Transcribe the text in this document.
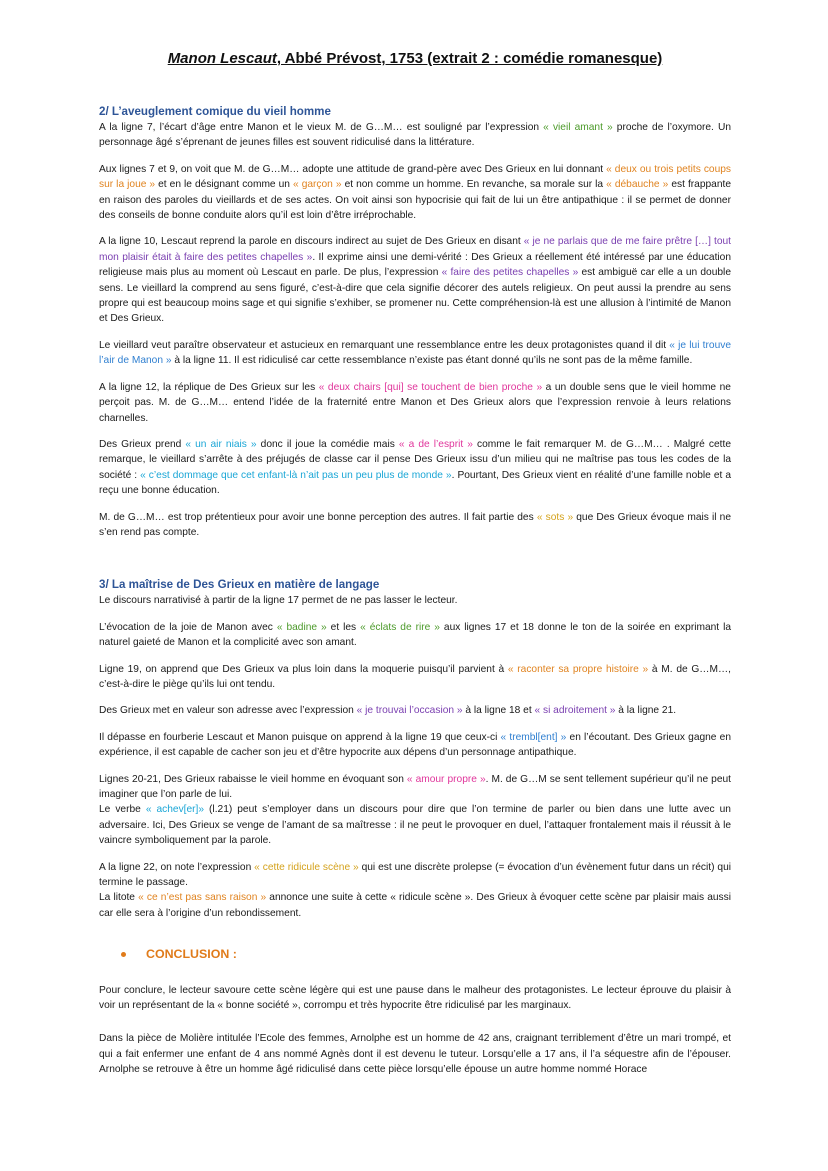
Manon Lescaut, Abbé Prévost, 1753 (extrait 2 : comédie romanesque)
2/ L’aveuglement comique du vieil homme

A la ligne 7, l’écart d’âge entre Manon et le vieux M. de G…M… est souligné par l’expression « vieil amant » proche de l’oxymore. Un personnage âgé s’éprenant de jeunes filles est souvent ridiculisé dans la littérature.

Aux lignes 7 et 9, on voit que M. de G…M… adopte une attitude de grand-père avec Des Grieux en lui donnant « deux ou trois petits coups sur la joue » et en le désignant comme un « garçon » et non comme un homme. En revanche, sa morale sur la « débauche » est frappante en raison des paroles du vieillards et de ses actes. On voit ainsi son hypocrisie qui fait de lui un être antipathique : il se permet de donner des conseils de bonne conduite alors qu’il est loin d’être irréprochable.

A la ligne 10, Lescaut reprend la parole en discours indirect au sujet de Des Grieux en disant « je ne parlais que de me faire prêtre […] tout mon plaisir était à faire des petites chapelles ». Il exprime ainsi une demi-vérité : Des Grieux a réellement été intéressé par une éducation religieuse mais plus au moment où Lescaut en parle. De plus, l’expression « faire des petites chapelles » est ambiguë car elle a un double sens. Le vieillard la comprend au sens figuré, c’est-à-dire que cela signifie décorer des autels religieux. On peut aussi la prendre au sens propre qui est beaucoup moins sage et qui signifie s’exhiber, se promener nu. Cette compréhension-là est une allusion à l’intimité de Manon et Des Grieux.

Le vieillard veut paraître observateur et astucieux en remarquant une ressemblance entre les deux protagonistes quand il dit « je lui trouve l’air de Manon » à la ligne 11. Il est ridiculisé car cette ressemblance n’existe pas étant donné qu’ils ne sont pas de la même famille.

A la ligne 12, la réplique de Des Grieux sur les « deux chairs [qui] se touchent de bien proche » a un double sens que le vieil homme ne perçoit pas. M. de G…M… entend l’idée de la fraternité entre Manon et Des Grieux alors que l’expression renvoie à leurs relations charnelles.

Des Grieux prend « un air niais » donc il joue la comédie mais « a de l’esprit » comme le fait remarquer M. de G…M… . Malgré cette remarque, le vieillard s’arrête à des préjugés de classe car il pense Des Grieux issu d’un milieu qui ne maîtrise pas tous les codes de la société : « c’est dommage que cet enfant-là n’ait pas un peu plus de monde ». Pourtant, Des Grieux vient en réalité d’une famille noble et a reçu une bonne éducation.

M. de G…M… est trop prétentieux pour avoir une bonne perception des autres. Il fait partie des « sots » que Des Grieux évoque mais il ne s’en rend pas compte.

3/ La maîtrise de Des Grieux en matière de langage

Le discours narrativisé à partir de la ligne 17 permet de ne pas lasser le lecteur.

L’évocation de la joie de Manon avec « badine » et les « éclats de rire » aux lignes 17 et 18 donne le ton de la soirée en exprimant la naturel gaieté de Manon et la complicité avec son amant.

Ligne 19, on apprend que Des Grieux va plus loin dans la moquerie puisqu’il parvient à « raconter sa propre histoire » à M. de G…M…, c’est-à-dire le piège qu’ils lui ont tendu.

Des Grieux met en valeur son adresse avec l’expression « je trouvai l’occasion » à la ligne 18 et « si adroitement » à la ligne 21.

Il dépasse en fourberie Lescaut et Manon puisque on apprend à la ligne 19 que ceux-ci « trembl[ent] » en l’écoutant. Des Grieux gagne en expérience, il est capable de cacher son jeu et d’être hypocrite aux dépens d’un personnage antipathique.

Lignes 20-21, Des Grieux rabaisse le vieil homme en évoquant son « amour propre ». M. de G…M se sent tellement supérieur qu’il ne peut imaginer que l’on parle de lui.

Le verbe « achev[er]» (l.21) peut s’employer dans un discours pour dire que l’on termine de parler ou bien dans une lutte avec un adversaire. Ici, Des Grieux se venge de l’amant de sa maîtresse : il ne peut le provoquer en duel, l’attaquer frontalement mais il réussit à le vaincre symboliquement par la parole.

A la ligne 22, on note l’expression « cette ridicule scène » qui est une discrète prolepse (= évocation d’un évènement futur dans un récit) qui termine le passage.

La litote « ce n’est pas sans raison » annonce une suite à cette « ridicule scène ». Des Grieux à évoquer cette scène par plaisir mais aussi car elle sera à l’origine d’un rebondissement.

CONCLUSION :

Pour conclure, le lecteur savoure cette scène légère qui est une pause dans le malheur des protagonistes. Le lecteur éprouve du plaisir à voir un représentant de la « bonne société », corrompu et très hypocrite être ridiculisé par les marginaux.

Dans la pièce de Molière intitulée l’Ecole des femmes, Arnolphe est un homme de 42 ans, craignant terriblement d’être un mari trompé, et qui a fait enfermer une enfant de 4 ans nommé Agnès dont il est devenu le tuteur. Lorsqu’elle a 17 ans, il l’a séquestre afin de l’épouser. Arnolphe se retrouve à être un homme âgé ridiculisé dans cette pièce lorsqu’elle épouse un autre homme nommé Horace
